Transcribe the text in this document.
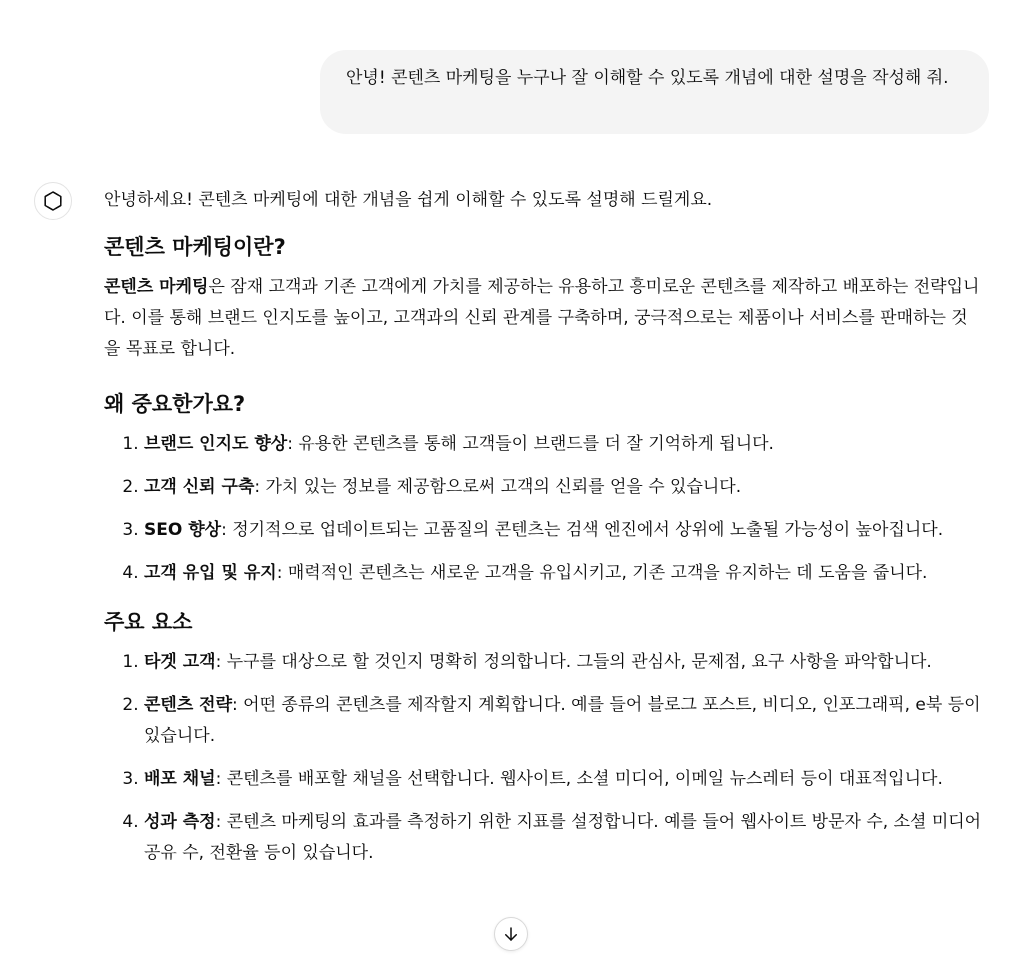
안녕! 콘텐츠 마케팅을 누구나 잘 이해할 수 있도록 개념에 대한 설명을 작성해 줘.

안녕하세요! 콘텐츠 마케팅에 대한 개념을 쉽게 이해할 수 있도록 설명해 드릴게요.

콘텐츠 마케팅이란?

콘텐츠 마케팅은 잠재 고객과 기존 고객에게 가치를 제공하는 유용하고 흥미로운 콘텐츠를 제작하고 배포하는 전략입니다. 이를 통해 브랜드 인지도를 높이고, 고객과의 신뢰 관계를 구축하며, 궁극적으로는 제품이나 서비스를 판매하는 것을 목표로 합니다.

왜 중요한가요?
1. 브랜드 인지도 향상: 유용한 콘텐츠를 통해 고객들이 브랜드를 더 잘 기억하게 됩니다.
2. 고객 신뢰 구축: 가치 있는 정보를 제공함으로써 고객의 신뢰를 얻을 수 있습니다.
3. SEO 향상: 정기적으로 업데이트되는 고품질의 콘텐츠는 검색 엔진에서 상위에 노출될 가능성이 높아집니다.
4. 고객 유입 및 유지: 매력적인 콘텐츠는 새로운 고객을 유입시키고, 기존 고객을 유지하는 데 도움을 줍니다.
주요 요소
1. 타겟 고객: 누구를 대상으로 할 것인지 명확히 정의합니다. 그들의 관심사, 문제점, 요구 사항을 파악합니다.
2. 콘텐츠 전략: 어떤 종류의 콘텐츠를 제작할지 계획합니다. 예를 들어 블로그 포스트, 비디오, 인포그래픽, e북 등이 있습니다.
3. 배포 채널: 콘텐츠를 배포할 채널을 선택합니다. 웹사이트, 소셜 미디어, 이메일 뉴스레터 등이 대표적입니다.
4. 성과 측정: 콘텐츠 마케팅의 효과를 측정하기 위한 지표를 설정합니다. 예를 들어 웹사이트 방문자 수, 소셜 미디어 공유 수, 전환율 등이 있습니다.
